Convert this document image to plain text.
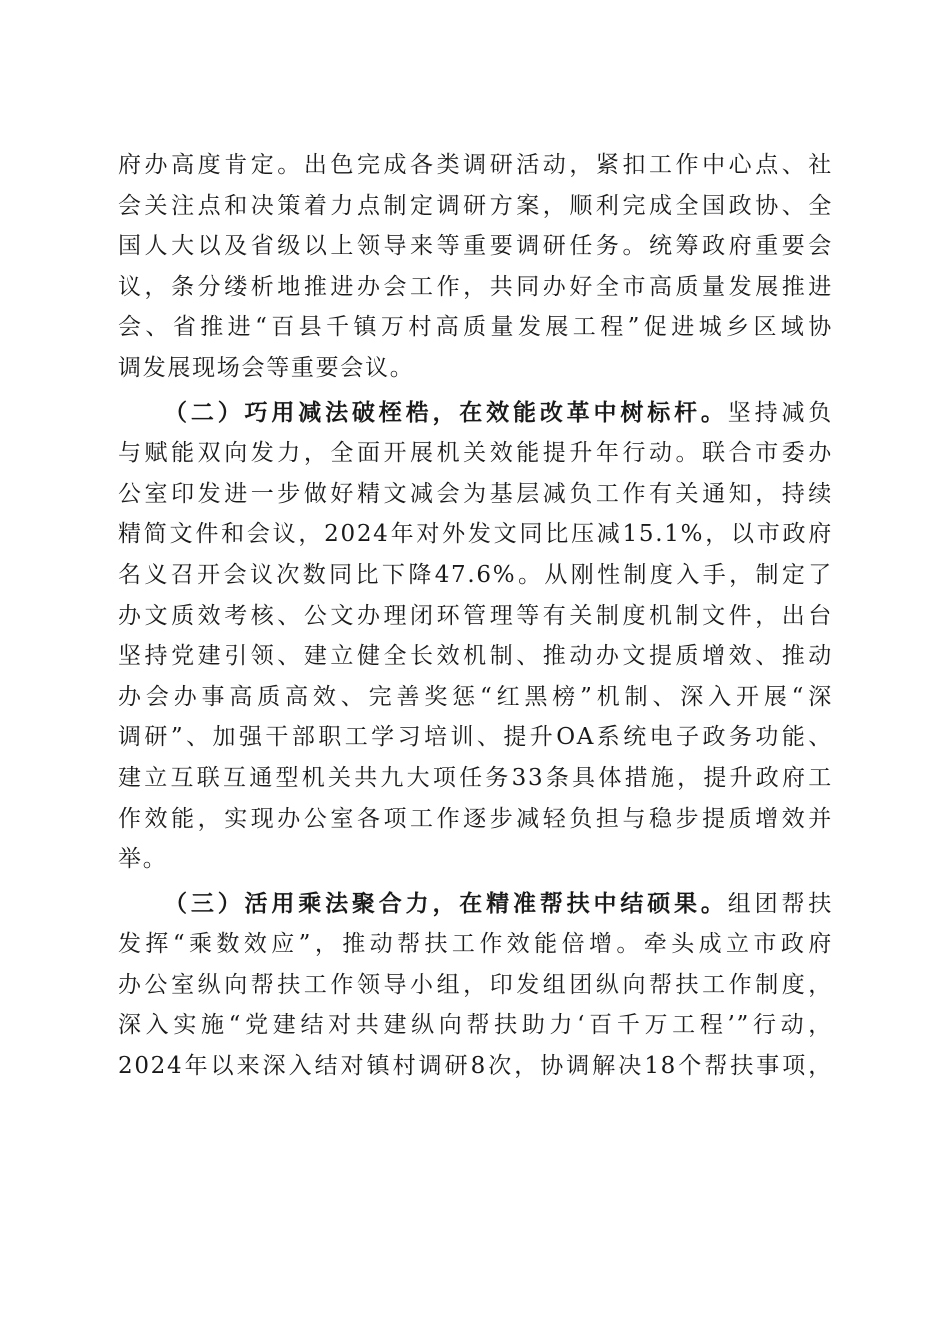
府办高度肯定。出色完成各类调研活动，紧扣工作中心点、社
会关注点和决策着力点制定调研方案，顺利完成全国政协、全
国人大以及省级以上领导来等重要调研任务。统筹政府重要会
议，条分缕析地推进办会工作，共同办好全市高质量发展推进
会、省推进“百县千镇万村高质量发展工程”促进城乡区域协
调发展现场会等重要会议。
（二）巧用减法破桎梏，在效能改革中树标杆。坚持减负
与赋能双向发力，全面开展机关效能提升年行动。联合市委办
公室印发进一步做好精文减会为基层减负工作有关通知，持续
精简文件和会议，2024年对外发文同比压减15.1%，以市政府
名义召开会议次数同比下降47.6%。从刚性制度入手，制定了
办文质效考核、公文办理闭环管理等有关制度机制文件，出台
坚持党建引领、建立健全长效机制、推动办文提质增效、推动
办会办事高质高效、完善奖惩“红黑榜”机制、深入开展“深
调研”、加强干部职工学习培训、提升OA系统电子政务功能、
建立互联互通型机关共九大项任务33条具体措施，提升政府工
作效能，实现办公室各项工作逐步减轻负担与稳步提质增效并
举。
（三）活用乘法聚合力，在精准帮扶中结硕果。组团帮扶
发挥“乘数效应”，推动帮扶工作效能倍增。牵头成立市政府
办公室纵向帮扶工作领导小组，印发组团纵向帮扶工作制度，
深入实施“党建结对共建纵向帮扶助力‘百千万工程’”行动，
2024年以来深入结对镇村调研8次，协调解决18个帮扶事项，
